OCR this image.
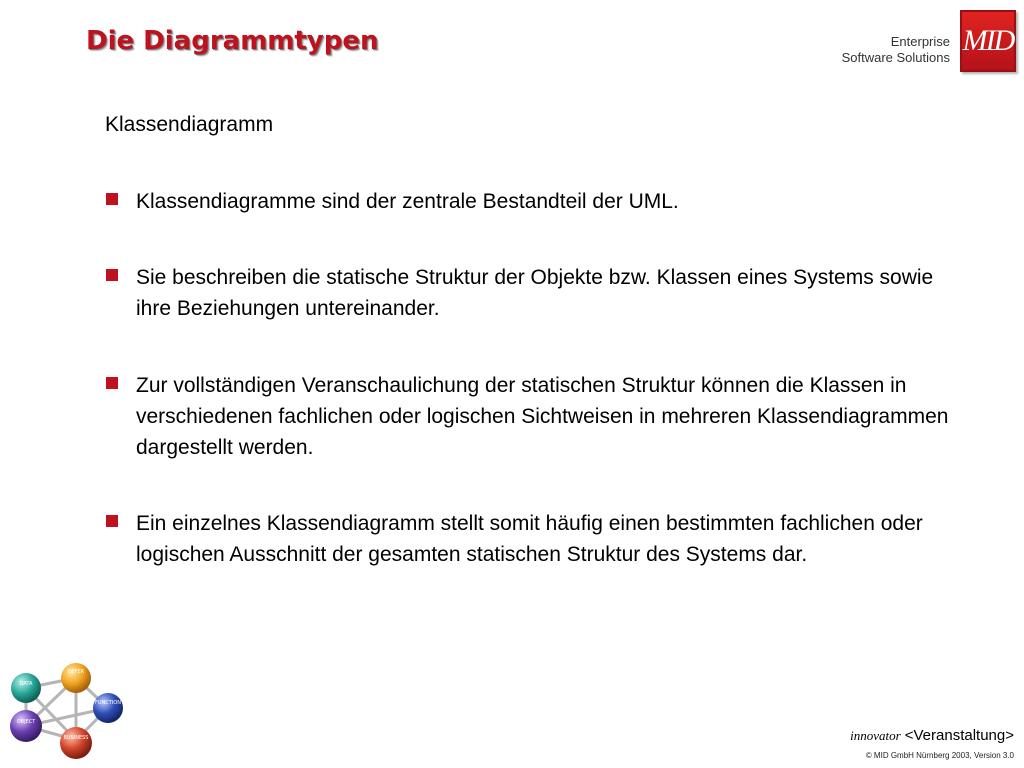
Die Diagrammtypen	Enterprise
Software Solutions
MID
Klassendiagramm
Klassendiagramme sind der zentrale Bestandteil der UML.
Sie beschreiben die statische Struktur der Objekte bzw. Klassen eines Systems sowie ihre Beziehungen untereinander.
Zur vollständigen Veranschaulichung der statischen Struktur können die Klassen in verschiedenen fachlichen oder logischen Sichtweisen in mehreren Klassendiagrammen dargestellt werden.
Ein einzelnes Klassendiagramm stellt somit häufig einen bestimmten fachlichen oder logischen Ausschnitt der gesamten statischen Struktur des Systems dar.
DATA
OFFER
FUNCTION
OBJECT
BUSINESS	innovator <Veranstaltung>
© MID GmbH Nürnberg 2003, Version 3.0
